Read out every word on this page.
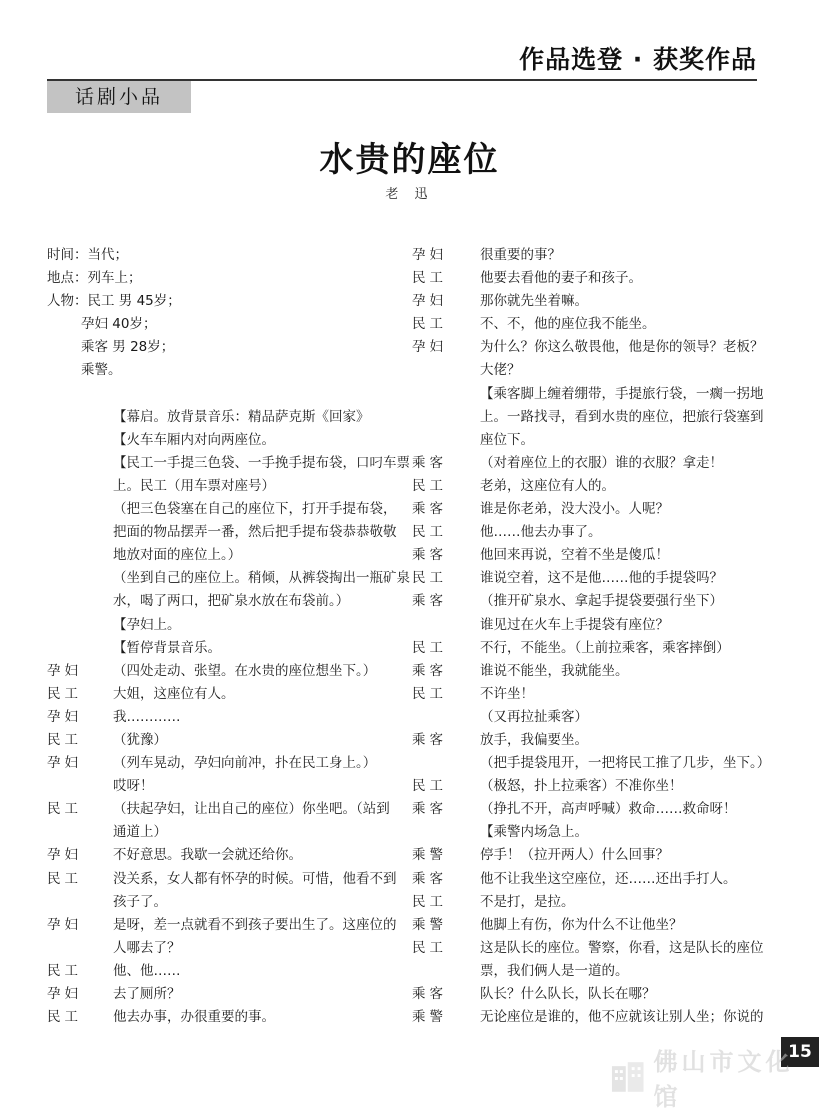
作品选登 · 获奖作品
话剧小品
水贵的座位
老 迅
时间：当代；
地点：列车上；
人物：民工 男 45岁；
孕妇 40岁；
乘客 男 28岁；
乘警。
【幕启。放背景音乐：精品萨克斯《回家》
【火车车厢内对向两座位。
【民工一手提三色袋、一手挽手提布袋，口叼车票
上。民工（用车票对座号）
（把三色袋塞在自己的座位下，打开手提布袋，
把面的物品摆弄一番，然后把手提布袋恭恭敬敬
地放对面的座位上。）
（坐到自己的座位上。稍倾，从裤袋掏出一瓶矿泉
水，喝了两口，把矿泉水放在布袋前。）
【孕妇上。
【暂停背景音乐。
孕妇 （四处走动、张望。在水贵的座位想坐下。）
民工 大姐，这座位有人。
孕妇 我…………
民工 （犹豫）
孕妇 （列车晃动，孕妇向前冲，扑在民工身上。）
哎呀！
民工 （扶起孕妇，让出自己的座位）你坐吧。（站到
通道上）
孕妇 不好意思。我歇一会就还给你。
民工 没关系，女人都有怀孕的时候。可惜，他看不到
孩子了。
孕妇 是呀，差一点就看不到孩子要出生了。这座位的
人哪去了？
民工 他、他……
孕妇 去了厕所？
民工 他去办事，办很重要的事。
孕妇 很重要的事？
民工 他要去看他的妻子和孩子。
孕妇 那你就先坐着嘛。
民工 不、不，他的座位我不能坐。
孕妇 为什么？你这么敬畏他，他是你的领导？老板？
大佬？
【乘客脚上缠着绷带，手提旅行袋，一瘸一拐地
上。一路找寻，看到水贵的座位，把旅行袋塞到
座位下。
乘客 （对着座位上的衣服）谁的衣服？拿走！
民工 老弟，这座位有人的。
乘客 谁是你老弟，没大没小。人呢？
民工 他……他去办事了。
乘客 他回来再说，空着不坐是傻瓜！
民工 谁说空着，这不是他……他的手提袋吗？
乘客 （推开矿泉水、拿起手提袋要强行坐下）
谁见过在火车上手提袋有座位？
民工 不行，不能坐。（上前拉乘客，乘客摔倒）
乘客 谁说不能坐，我就能坐。
民工 不许坐！
（又再拉扯乘客）
乘客 放手，我偏要坐。
（把手提袋甩开，一把将民工推了几步，坐下。）
民工 （极怒，扑上拉乘客）不准你坐！
乘客 （挣扎不开，高声呼喊）救命……救命呀！
【乘警内场急上。
乘警 停手！（拉开两人）什么回事？
乘客 他不让我坐这空座位，还……还出手打人。
民工 不是打，是拉。
乘警 他脚上有伤，你为什么不让他坐？
民工 这是队长的座位。警察，你看，这是队长的座位
票，我们俩人是一道的。
乘客 队长？什么队长，队长在哪？
乘警 无论座位是谁的，他不应就该让别人坐；你说的
15
佛山市文化馆
